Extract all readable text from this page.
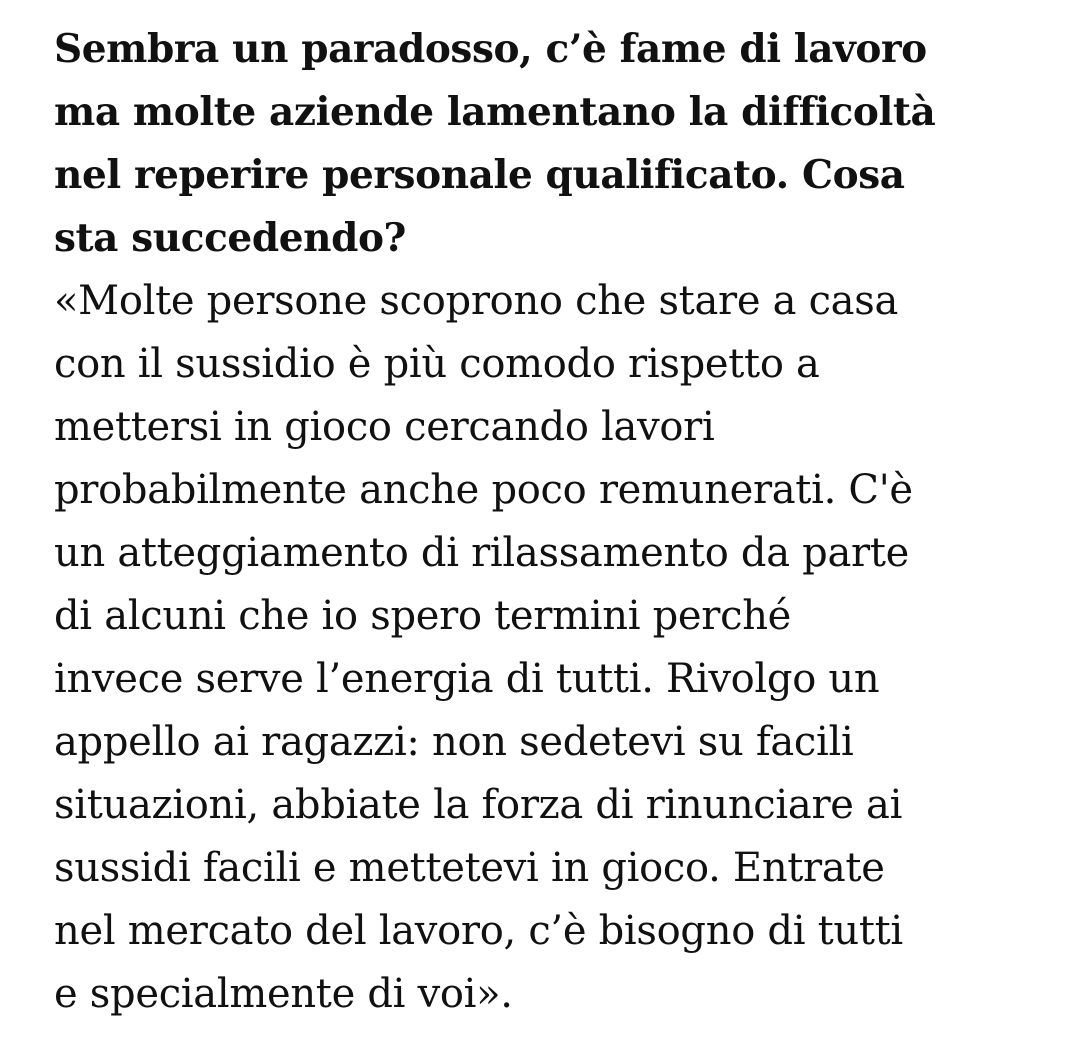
Sembra un paradosso, c’è fame di lavoro
ma molte aziende lamentano la difficoltà
nel reperire personale qualificato. Cosa
sta succedendo?
«Molte persone scoprono che stare a casa
con il sussidio è più comodo rispetto a
mettersi in gioco cercando lavori
probabilmente anche poco remunerati. C'è
un atteggiamento di rilassamento da parte
di alcuni che io spero termini perché
invece serve l’energia di tutti. Rivolgo un
appello ai ragazzi: non sedetevi su facili
situazioni, abbiate la forza di rinunciare ai
sussidi facili e mettetevi in gioco. Entrate
nel mercato del lavoro, c’è bisogno di tutti
e specialmente di voi».
